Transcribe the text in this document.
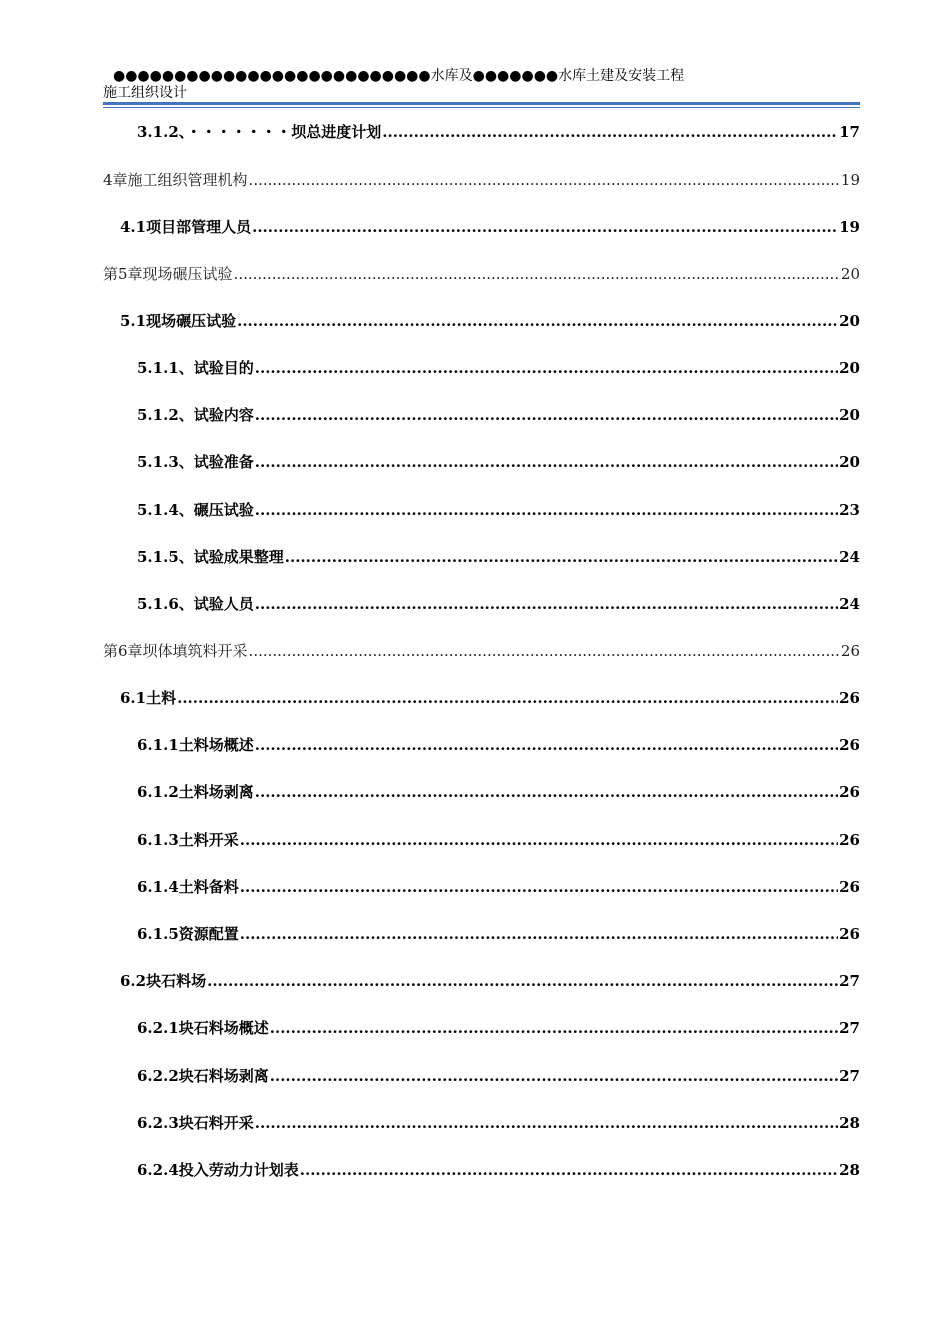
●●●●●●●●●●●●●●●●●●●●●●●●●●水库及●●●●●●●水库土建及安装工程
施工组织设计
3.1.2、・・・・・・・坝总进度计划 .....	17
4章施工组织管理机构 .....	19
4.1项目部管理人员 .....	19
第5章现场碾压试验 .....	20
5.1现场碾压试验 .....	20
5.1.1、试验目的 .....	20
5.1.2、试验内容 .....	20
5.1.3、试验准备 .....	20
5.1.4、碾压试验 .....	23
5.1.5、试验成果整理 .....	24
5.1.6、试验人员 .....	24
第6章坝体填筑料开采 .....	26
6.1土料 .....	26
6.1.1土料场概述 .....	26
6.1.2土料场剥离 .....	26
6.1.3土料开采 .....	26
6.1.4土料备料 .....	26
6.1.5资源配置 .....	26
6.2块石料场 .....	27
6.2.1块石料场概述 .....	27
6.2.2块石料场剥离 .....	27
6.2.3块石料开采 .....	28
6.2.4投入劳动力计划表 .....	28
